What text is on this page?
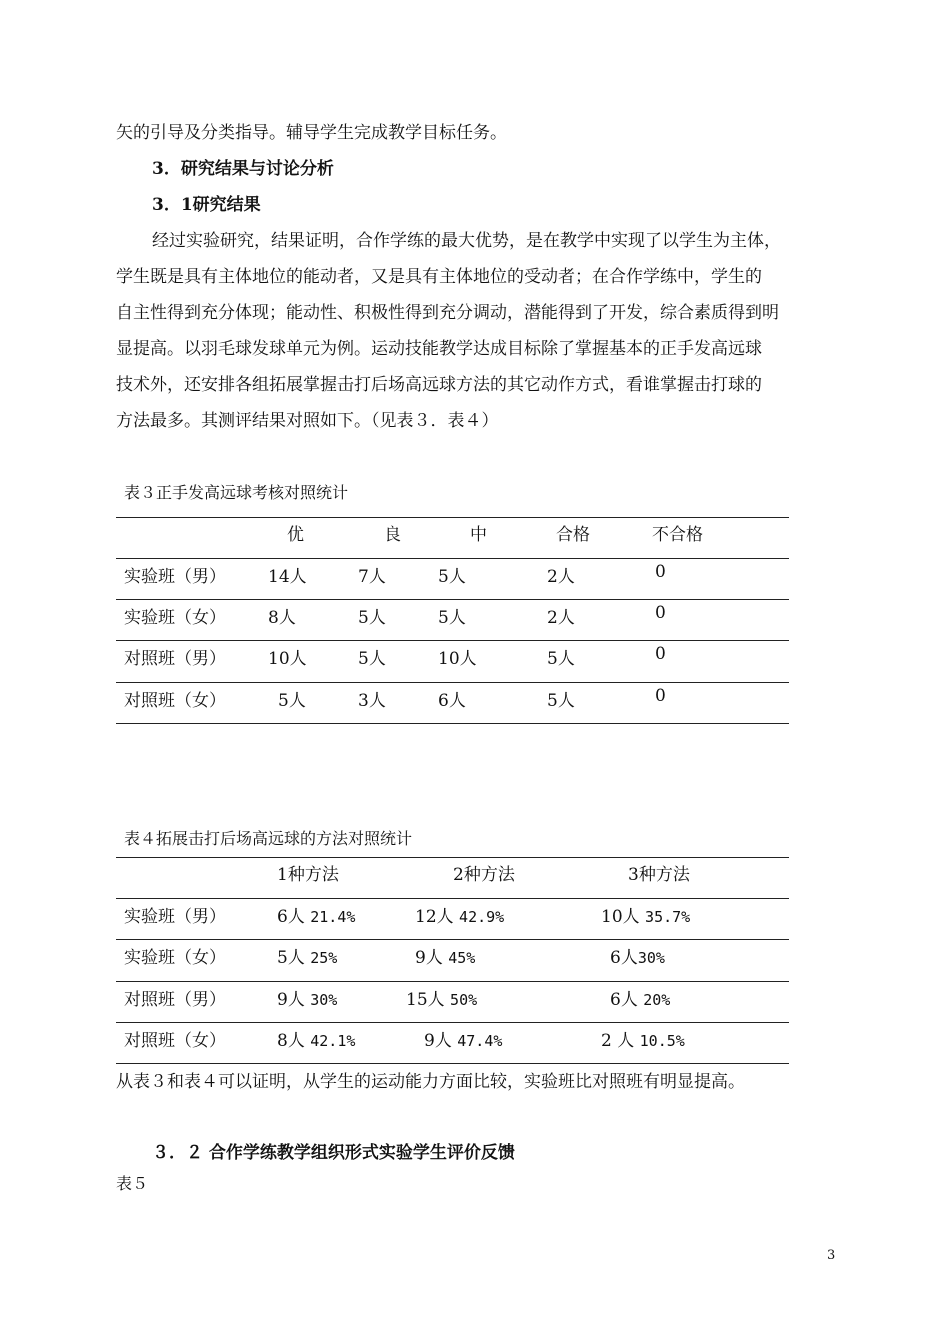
矢的引导及分类指导。辅导学生完成教学目标任务。
3．研究结果与讨论分析
3．1研究结果
经过实验研究，结果证明，合作学练的最大优势，是在教学中实现了以学生为主体，
学生既是具有主体地位的能动者，又是具有主体地位的受动者；在合作学练中，学生的
自主性得到充分体现；能动性、积极性得到充分调动，潜能得到了开发，综合素质得到明
显提高。以羽毛球发球单元为例。运动技能教学达成目标除了掌握基本的正手发高远球
技术外，还安排各组拓展掌握击打后场高远球方法的其它动作方式，看谁掌握击打球的
方法最多。其测评结果对照如下。（见表３．表４）
表３正手发高远球考核对照统计
优	良	中	合格	不合格
实验班（男） 14人	7人	5人	2人	0
实验班（女） 8人	5人	5人	2人	0
对照班（男） 10人	5人	10人	5人	0
对照班（女）	5人	3人	6人	5人	0
表４拓展击打后场高远球的方法对照统计
1种方法	2种方法	3种方法
实验班（男）	6人 21.4%	12人 42.9%	10人 35.7%
实验班（女）	5人 25%	9人 45%	6人30%
对照班（男）	9人 30%	15人 50%	6人 20%
对照班（女）	8人 42.1%	9人 47.4%	2 人 10.5%
从表３和表４可以证明，从学生的运动能力方面比较，实验班比对照班有明显提高。
３．２ 合作学练教学组织形式实验学生评价反馈
表５
3
